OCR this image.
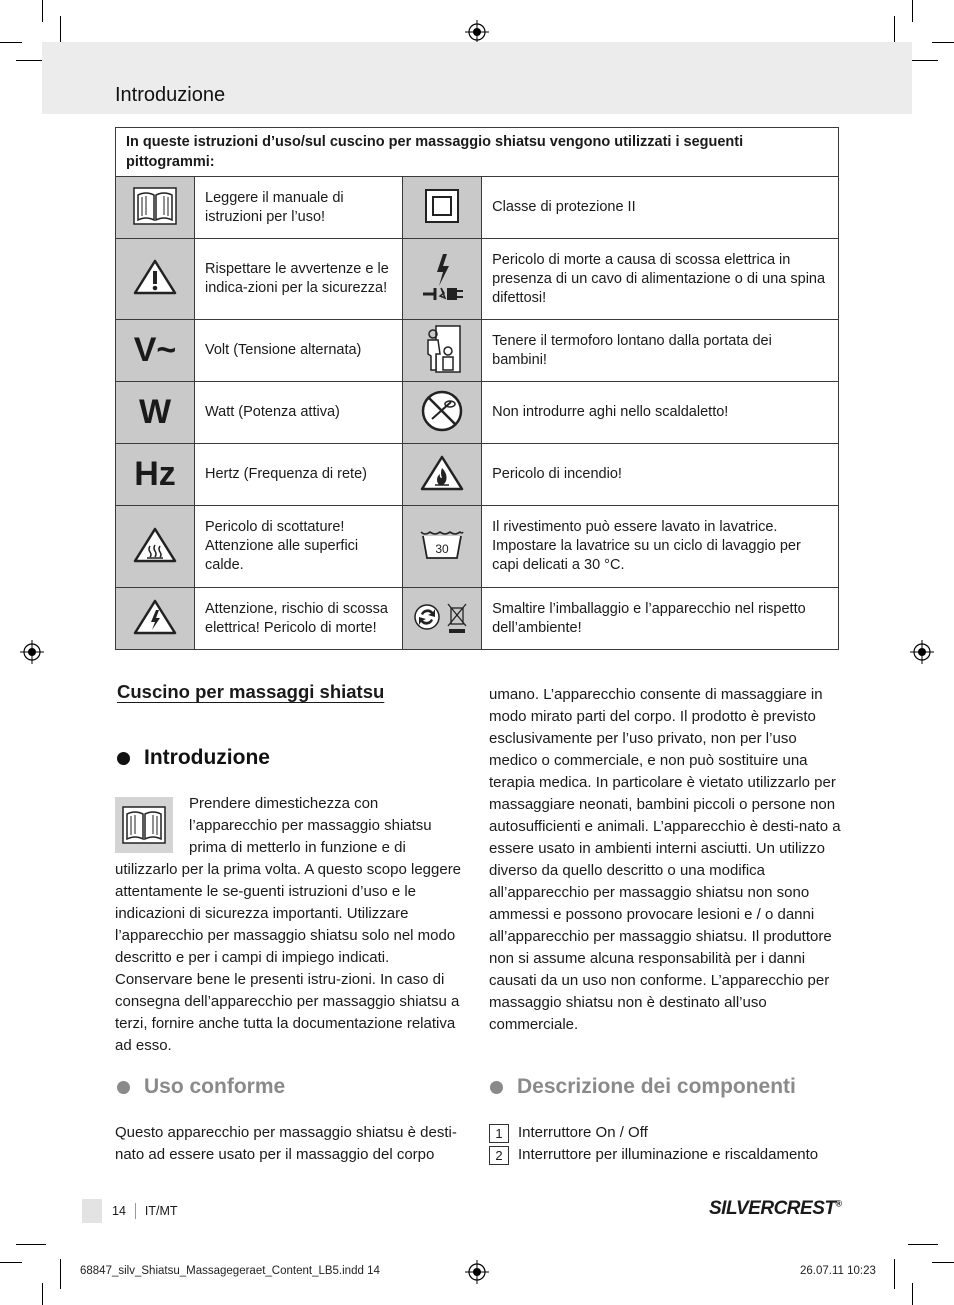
Introduzione
In queste istruzioni d’uso/sul cuscino per massaggio shiatsu vengono utilizzati i seguenti pittogrammi:			
	Leggere il manuale di istruzioni per l’uso!		Classe di protezione II
	Rispettare le avvertenze e le indica-zioni per la sicurezza!		Pericolo di morte a causa di scossa elettrica in presenza di un cavo di alimentazione o di una spina difettosi!
V~	Volt (Tensione alternata)		Tenere il termoforo lontano dalla portata dei bambini!
W	Watt (Potenza attiva)		Non introdurre aghi nello scaldaletto!
Hz	Hertz (Frequenza di rete)		Pericolo di incendio!
	Pericolo di scottature! Attenzione alle superfici calde.	30	Il rivestimento può essere lavato in lavatrice. Impostare la lavatrice su un ciclo di lavaggio per capi delicati a 30 °C.
	Attenzione, rischio di scossa elettrica! Pericolo di morte!		Smaltire l’imballaggio e l’apparecchio nel rispetto dell’ambiente!
Cuscino per massaggi shiatsu
Introduzione
Prendere dimestichezza con l’apparecchio per massaggio shiatsu prima di metterlo in funzione e di utilizzarlo per la prima volta. A questo scopo leggere attentamente le se-guenti istruzioni d’uso e le indicazioni di sicurezza importanti. Utilizzare l’apparecchio per massaggio shiatsu solo nel modo descritto e per i campi di impiego indicati. Conservare bene le presenti istru-zioni. In caso di consegna dell’apparecchio per massaggio shiatsu a terzi, fornire anche tutta la documentazione relativa ad esso.
Uso conforme
Questo apparecchio per massaggio shiatsu è desti-nato ad essere usato per il massaggio del corpo
umano. L’apparecchio consente di massaggiare in modo mirato parti del corpo. Il prodotto è previsto esclusivamente per l’uso privato, non per l’uso medico o commerciale, e non può sostituire una terapia medica. In particolare è vietato utilizzarlo per massaggiare neonati, bambini piccoli o persone non autosufficienti e animali. L’apparecchio è desti-nato a essere usato in ambienti interni asciutti. Un utilizzo diverso da quello descritto o una modifica all’apparecchio per massaggio shiatsu non sono ammessi e possono provocare lesioni e / o danni all’apparecchio per massaggio shiatsu. Il produttore non si assume alcuna responsabilità per i danni causati da un uso non conforme. L’apparecchio per massaggio shiatsu non è destinato all’uso commerciale.
Descrizione dei componenti
1	Interruttore On / Off
2	Interruttore per illuminazione e riscaldamento
14 IT/MT	SILVERCREST®
68847_silv_Shiatsu_Massagegeraet_Content_LB5.indd 14	26.07.11 10:23
